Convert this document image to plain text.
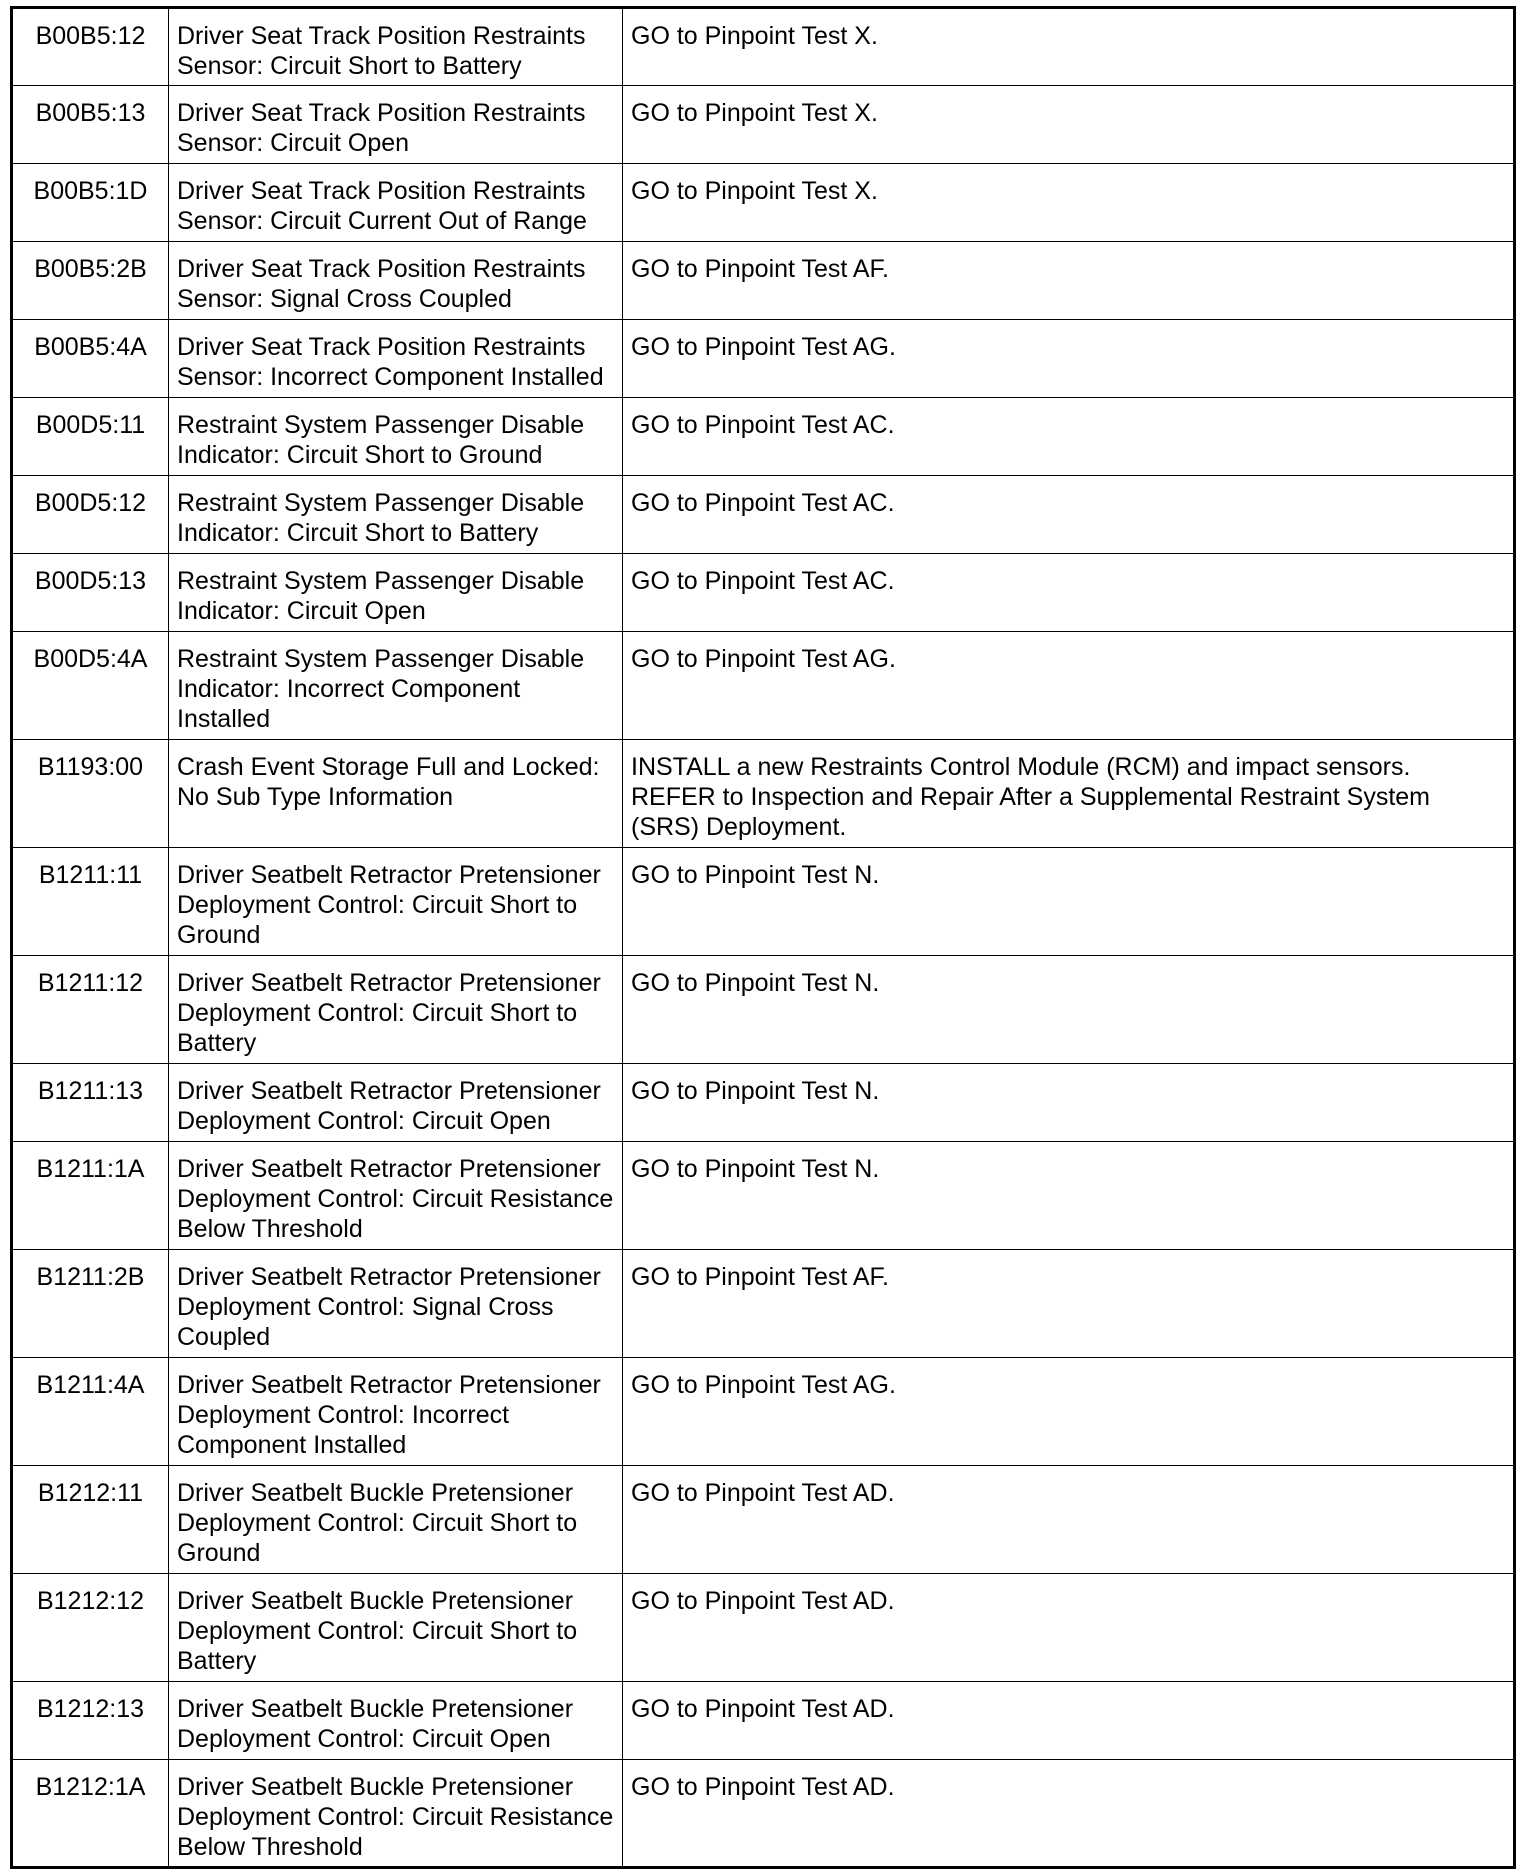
B00B5:12	Driver Seat Track Position Restraints Sensor: Circuit Short to Battery	GO to Pinpoint Test X.
B00B5:13	Driver Seat Track Position Restraints Sensor: Circuit Open	GO to Pinpoint Test X.
B00B5:1D	Driver Seat Track Position Restraints Sensor: Circuit Current Out of Range	GO to Pinpoint Test X.
B00B5:2B	Driver Seat Track Position Restraints Sensor: Signal Cross Coupled	GO to Pinpoint Test AF.
B00B5:4A	Driver Seat Track Position Restraints Sensor: Incorrect Component Installed	GO to Pinpoint Test AG.
B00D5:11	Restraint System Passenger Disable Indicator: Circuit Short to Ground	GO to Pinpoint Test AC.
B00D5:12	Restraint System Passenger Disable Indicator: Circuit Short to Battery	GO to Pinpoint Test AC.
B00D5:13	Restraint System Passenger Disable Indicator: Circuit Open	GO to Pinpoint Test AC.
B00D5:4A	Restraint System Passenger Disable Indicator: Incorrect Component Installed	GO to Pinpoint Test AG.
B1193:00	Crash Event Storage Full and Locked: No Sub Type Information	INSTALL a new Restraints Control Module (RCM) and impact sensors. REFER to Inspection and Repair After a Supplemental Restraint System (SRS) Deployment.
B1211:11	Driver Seatbelt Retractor Pretensioner Deployment Control: Circuit Short to Ground	GO to Pinpoint Test N.
B1211:12	Driver Seatbelt Retractor Pretensioner Deployment Control: Circuit Short to Battery	GO to Pinpoint Test N.
B1211:13	Driver Seatbelt Retractor Pretensioner Deployment Control: Circuit Open	GO to Pinpoint Test N.
B1211:1A	Driver Seatbelt Retractor Pretensioner Deployment Control: Circuit Resistance Below Threshold	GO to Pinpoint Test N.
B1211:2B	Driver Seatbelt Retractor Pretensioner Deployment Control: Signal Cross Coupled	GO to Pinpoint Test AF.
B1211:4A	Driver Seatbelt Retractor Pretensioner Deployment Control: Incorrect Component Installed	GO to Pinpoint Test AG.
B1212:11	Driver Seatbelt Buckle Pretensioner Deployment Control: Circuit Short to Ground	GO to Pinpoint Test AD.
B1212:12	Driver Seatbelt Buckle Pretensioner Deployment Control: Circuit Short to Battery	GO to Pinpoint Test AD.
B1212:13	Driver Seatbelt Buckle Pretensioner Deployment Control: Circuit Open	GO to Pinpoint Test AD.
B1212:1A	Driver Seatbelt Buckle Pretensioner Deployment Control: Circuit Resistance Below Threshold	GO to Pinpoint Test AD.
